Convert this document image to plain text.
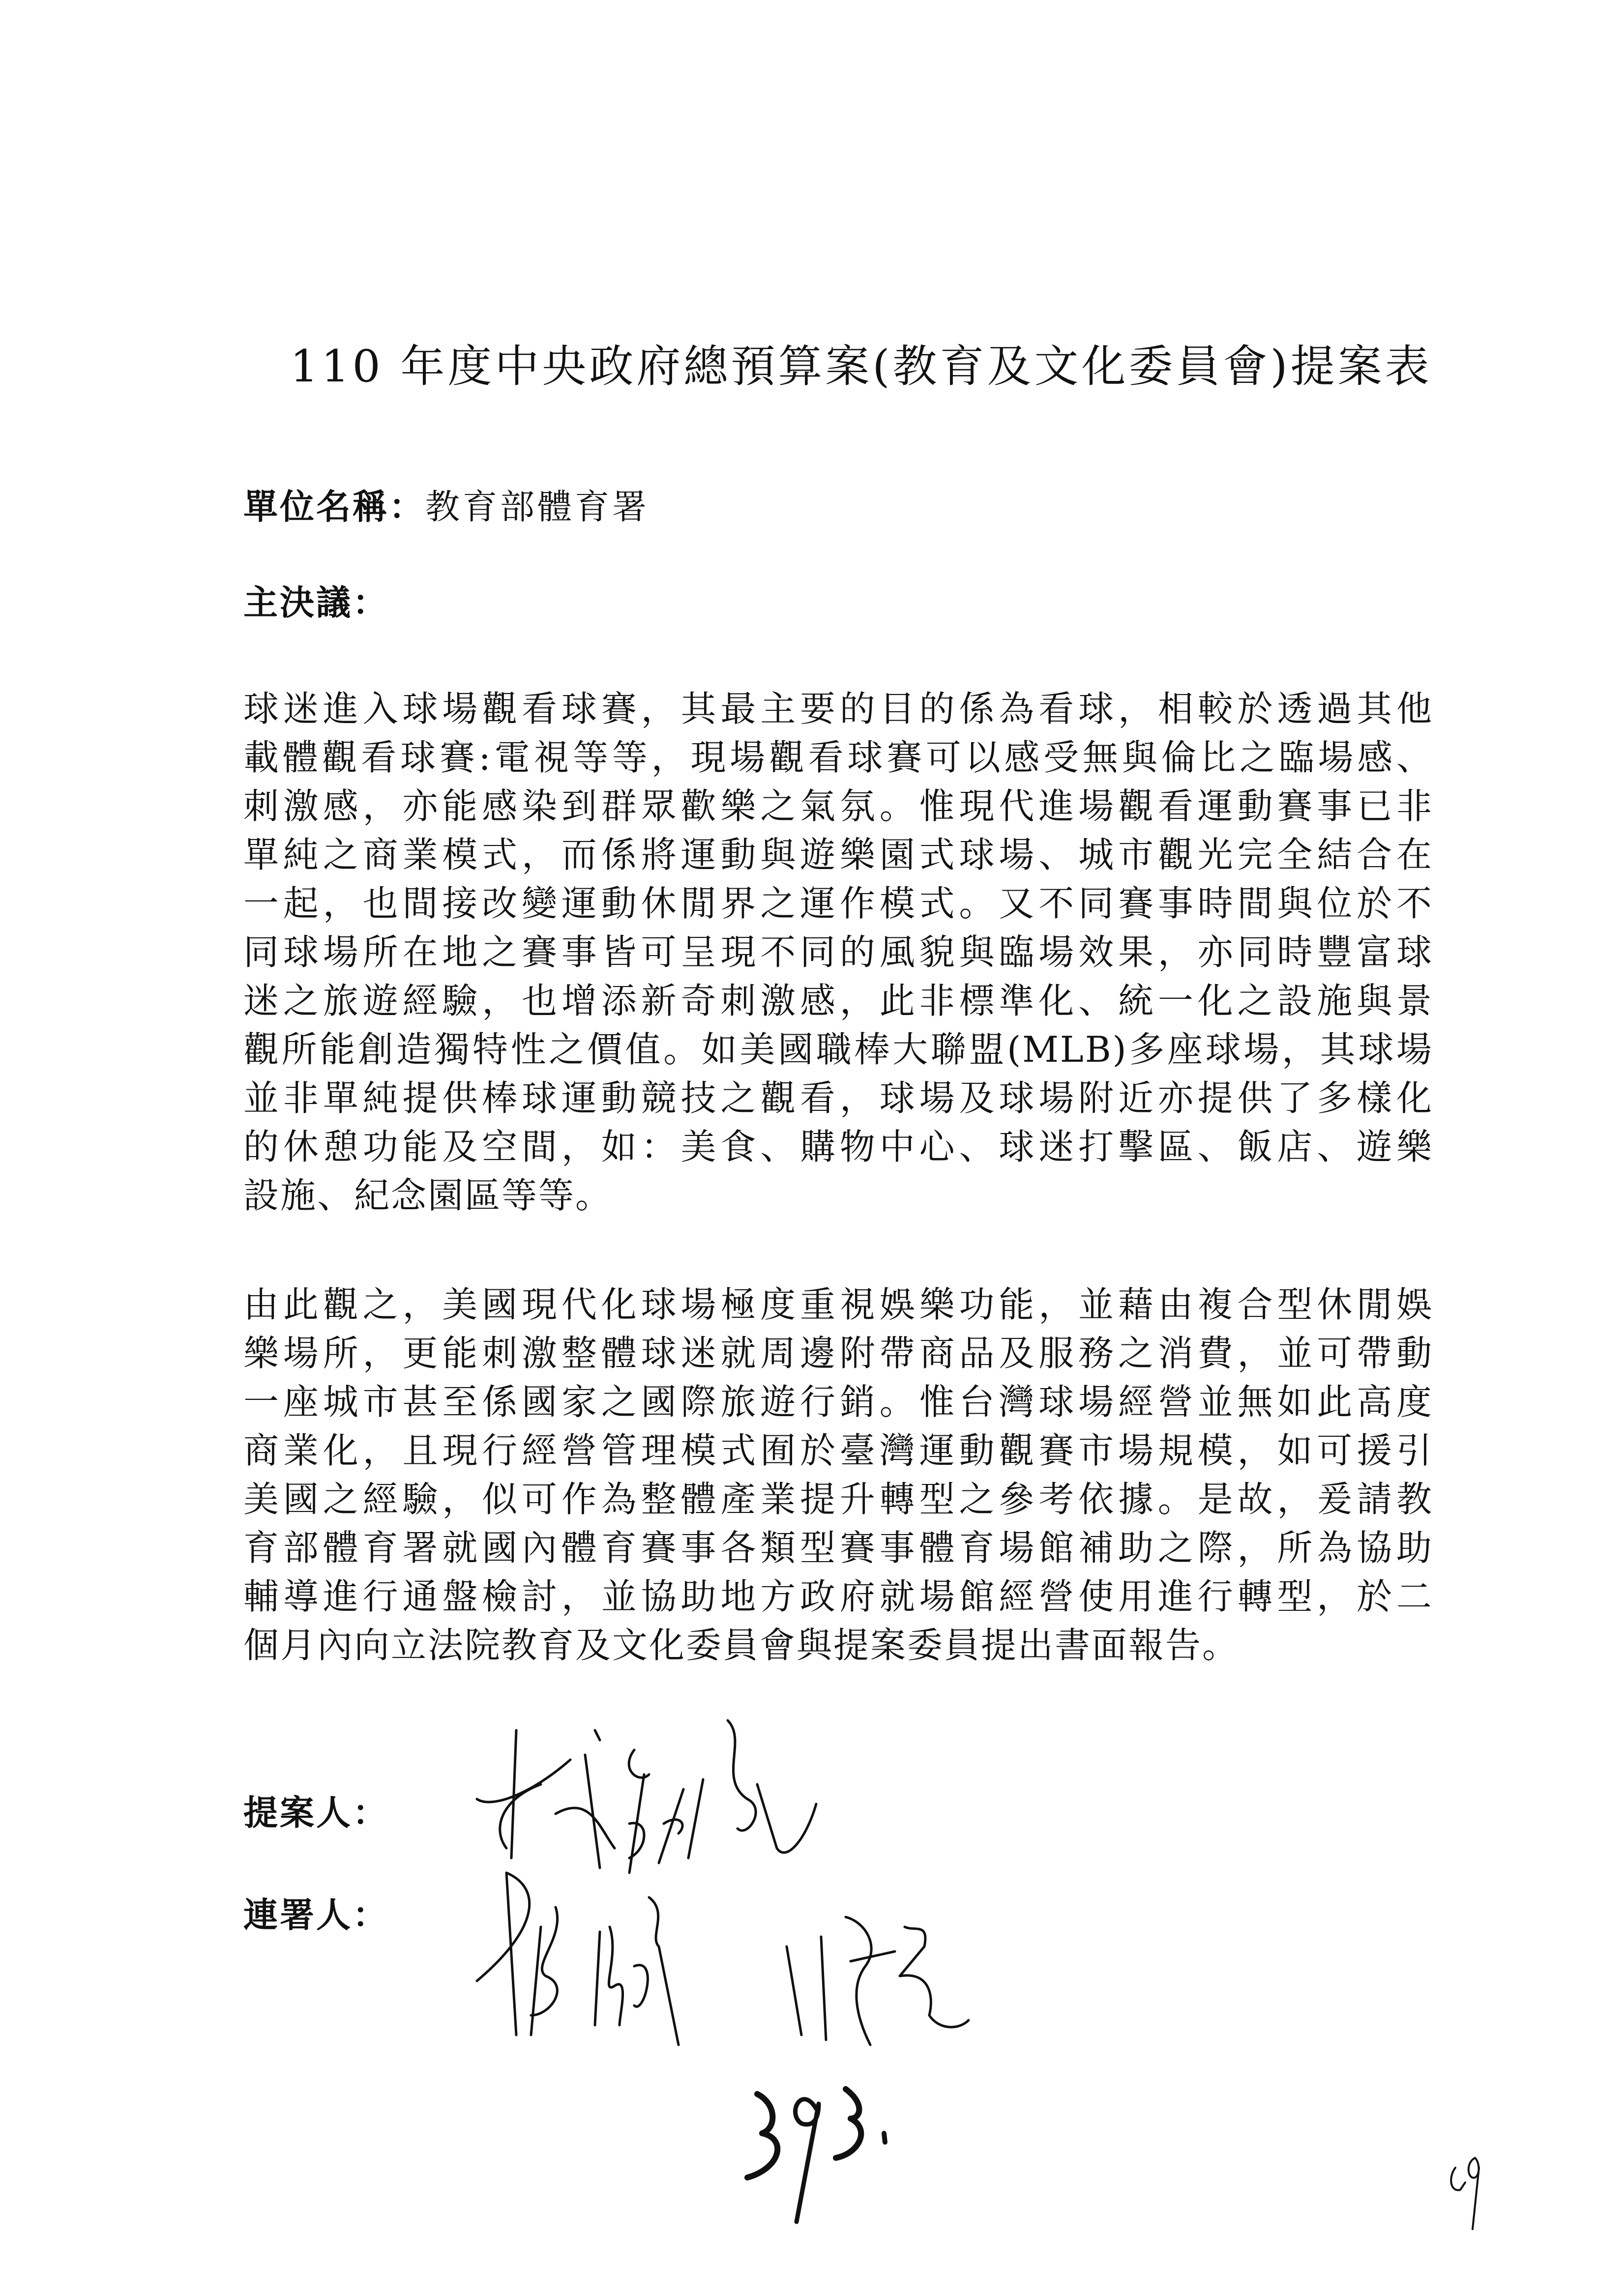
110 年度中央政府總預算案(教育及文化委員會)提案表
單位名稱：教育部體育署
主決議：
球迷進入球場觀看球賽，其最主要的目的係為看球，相較於透過其他
載體觀看球賽:電視等等，現場觀看球賽可以感受無與倫比之臨場感、
刺激感，亦能感染到群眾歡樂之氣氛。惟現代進場觀看運動賽事已非
單純之商業模式，而係將運動與遊樂園式球場、城市觀光完全結合在
一起，也間接改變運動休閒界之運作模式。又不同賽事時間與位於不
同球場所在地之賽事皆可呈現不同的風貌與臨場效果，亦同時豐富球
迷之旅遊經驗，也增添新奇刺激感，此非標準化、統一化之設施與景
觀所能創造獨特性之價值。如美國職棒大聯盟(MLB)多座球場，其球場
並非單純提供棒球運動競技之觀看，球場及球場附近亦提供了多樣化
的休憩功能及空間，如：美食、購物中心、球迷打擊區、飯店、遊樂
設施、紀念園區等等。
由此觀之，美國現代化球場極度重視娛樂功能，並藉由複合型休閒娛
樂場所，更能刺激整體球迷就周邊附帶商品及服務之消費，並可帶動
一座城市甚至係國家之國際旅遊行銷。惟台灣球場經營並無如此高度
商業化，且現行經營管理模式囿於臺灣運動觀賽市場規模，如可援引
美國之經驗，似可作為整體產業提升轉型之參考依據。是故，爰請教
育部體育署就國內體育賽事各類型賽事體育場館補助之際，所為協助
輔導進行通盤檢討，並協助地方政府就場館經營使用進行轉型，於二
個月內向立法院教育及文化委員會與提案委員提出書面報告。
提案人：
連署人：
